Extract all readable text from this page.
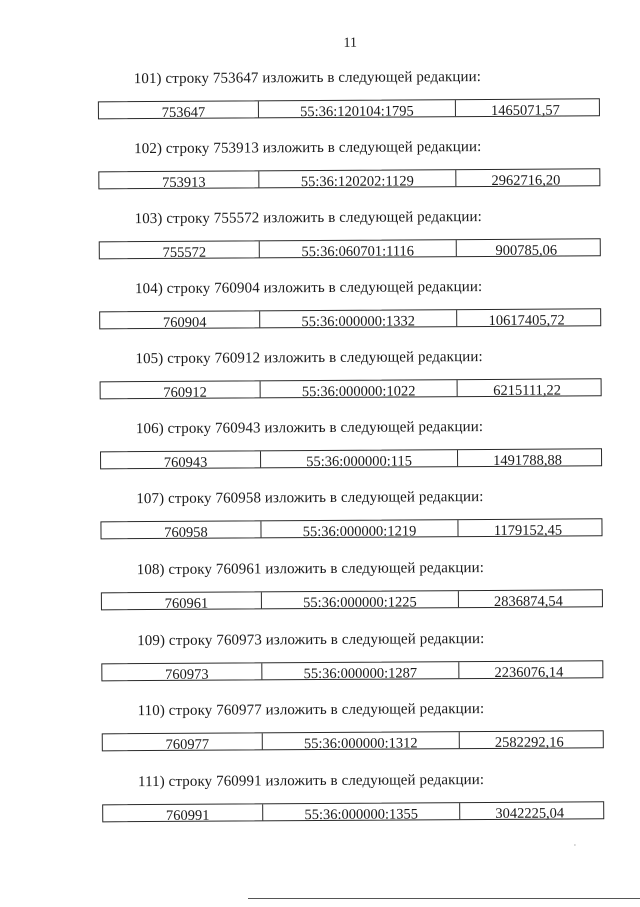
11
101) строку 753647 изложить в следующей редакции:
753647	55:36:120104:1795	1465071,57
102) строку 753913 изложить в следующей редакции:
753913	55:36:120202:1129	2962716,20
103) строку 755572 изложить в следующей редакции:
755572	55:36:060701:1116	900785,06
104) строку 760904 изложить в следующей редакции:
760904	55:36:000000:1332	10617405,72
105) строку 760912 изложить в следующей редакции:
760912	55:36:000000:1022	6215111,22
106) строку 760943 изложить в следующей редакции:
760943	55:36:000000:115	1491788,88
107) строку 760958 изложить в следующей редакции:
760958	55:36:000000:1219	1179152,45
108) строку 760961 изложить в следующей редакции:
760961	55:36:000000:1225	2836874,54
109) строку 760973 изложить в следующей редакции:
760973	55:36:000000:1287	2236076,14
110) строку 760977 изложить в следующей редакции:
760977	55:36:000000:1312	2582292,16
111) строку 760991 изложить в следующей редакции:
760991	55:36:000000:1355	3042225,04
